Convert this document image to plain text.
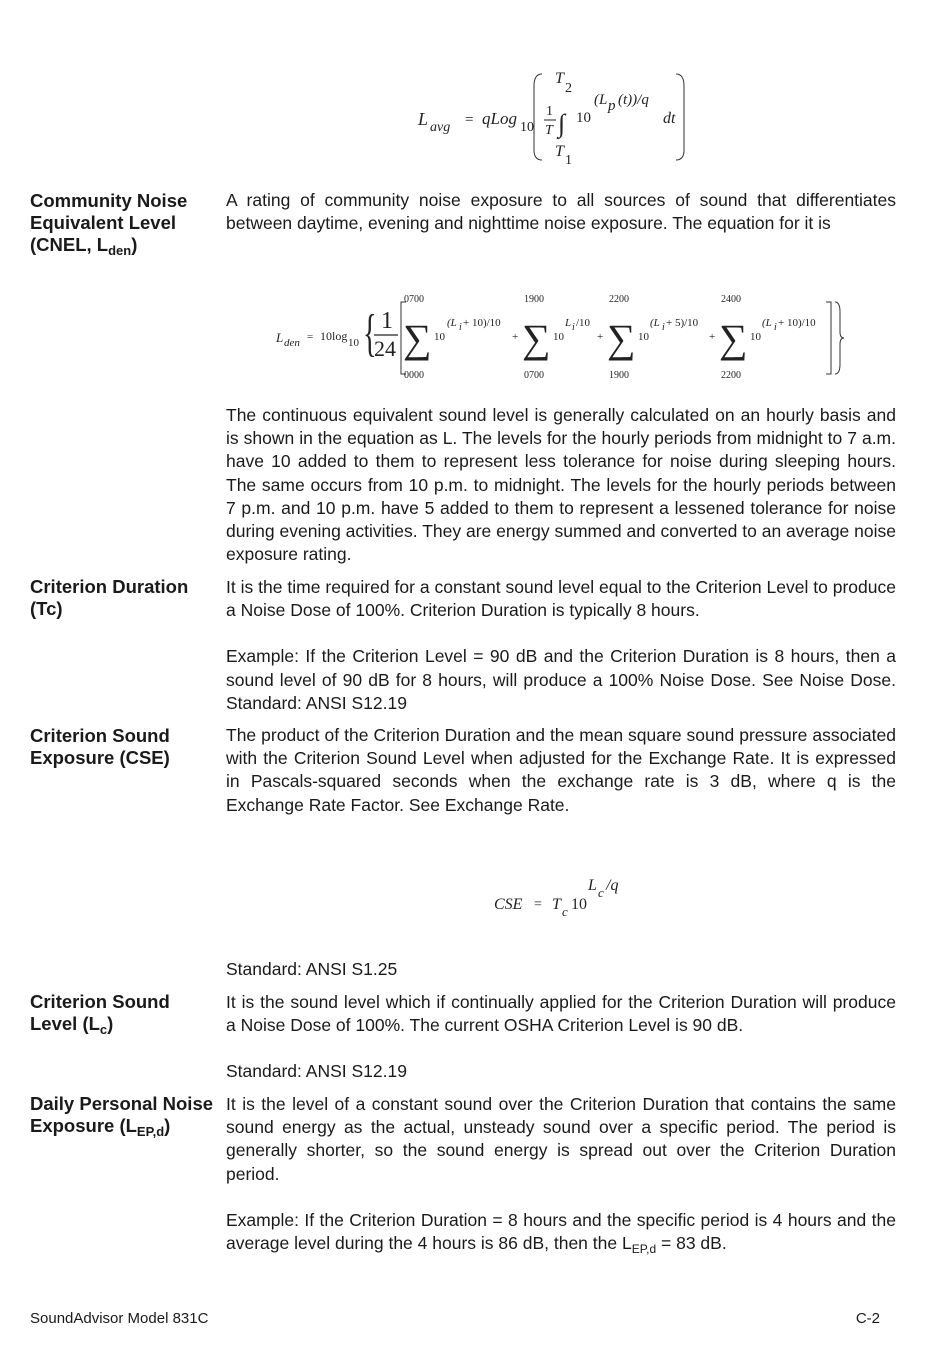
L avg = qLog 10
1
T ∫
T
2
T
1
10
(L p (t))/q
dt
Community Noise Equivalent Level (CNEL, $L_{den}$)

A rating of community noise exposure to all sources of sound that differentiates between daytime, evening and nighttime noise exposure. The equation for it is

L den = 10log 10 { 1
24
0700
0000
∑ 10
(L i + 10)/10
+
1900
0700
∑ 10
L i /10
+
2200
1900
∑ 10
(L i + 5)/10
+
2400
2200
∑ 10
(L i + 10)/10

The continuous equivalent sound level is generally calculated on an hourly basis and is shown in the equation as L. The levels for the hourly periods from midnight to 7 a.m. have 10 added to them to represent less tolerance for noise during sleeping hours. The same occurs from 10 p.m. to midnight. The levels for the hourly periods between 7 p.m. and 10 p.m. have 5 added to them to represent a lessened tolerance for noise during evening activities. They are energy summed and converted to an average noise exposure rating.

Criterion Duration (Tc)

It is the time required for a constant sound level equal to the Criterion Level to produce a Noise Dose of 100%. Criterion Duration is typically 8 hours.

Example: If the Criterion Level = 90 dB and the Criterion Duration is 8 hours, then a sound level of 90 dB for 8 hours, will produce a 100% Noise Dose. See Noise Dose. Standard: ANSI S12.19

Criterion Sound Exposure (CSE)

The product of the Criterion Duration and the mean square sound pressure associated with the Criterion Sound Level when adjusted for the Exchange Rate. It is expressed in Pascals-squared seconds when the exchange rate is 3 dB, where q is the Exchange Rate Factor. See Exchange Rate.

CSE = T c 10
L c /q

Standard: ANSI S1.25

Criterion Sound Level $(L_c)$

It is the sound level which if continually applied for the Criterion Duration will produce a Noise Dose of 100%. The current OSHA Criterion Level is 90 dB.

Standard: ANSI S12.19

Daily Personal Noise Exposure $(L_{EP,d})$

It is the level of a constant sound over the Criterion Duration that contains the same sound energy as the actual, unsteady sound over a specific period. The period is generally shorter, so the sound energy is spread out over the Criterion Duration period.

Example: If the Criterion Duration = 8 hours and the specific period is 4 hours and the average level during the 4 hours is 86 dB, then the $L_{EP,d} = 83$ dB.

SoundAdvisor Model 831C	C-2
